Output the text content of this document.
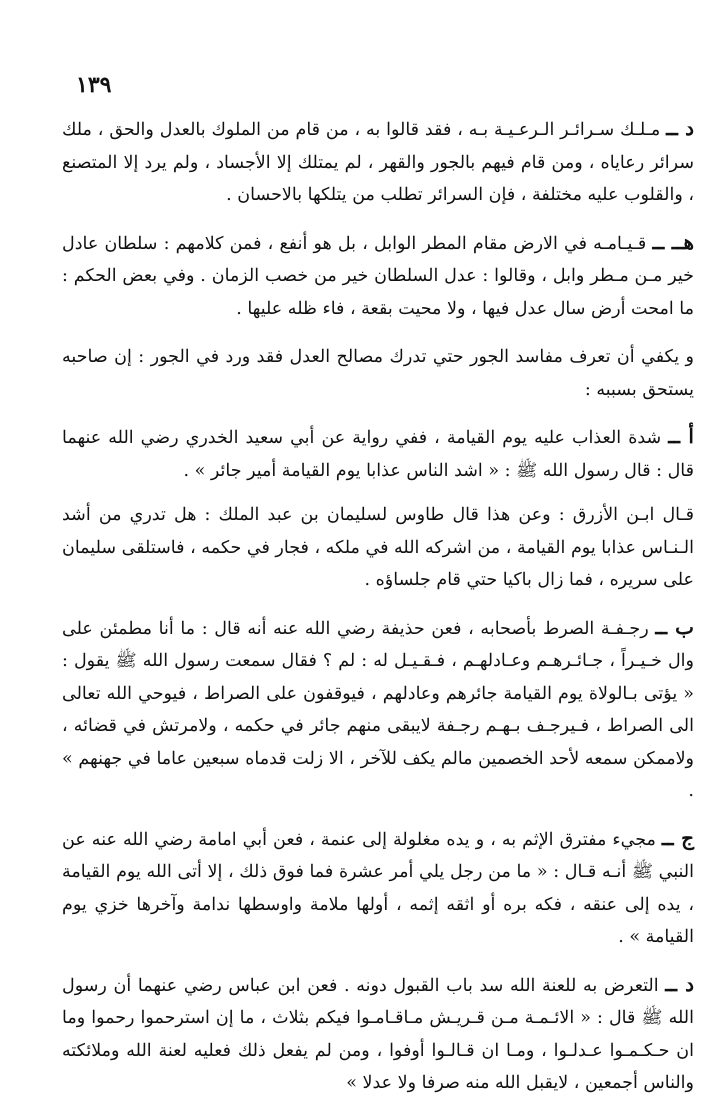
١٣٩

د ــ مـلـك سـرائـر الـرعـيـة بـه ، فقد قالوا به ، من قام من الملوك بالعدل والحق ، ملك سرائر رعاياه ، ومن قام فيهم بالجور والقهر ، لم يمتلك إلا الأجساد ، ولم يرد إلا المتصنع ، والقلوب عليه مختلفة ، فإن السرائر تطلب من يتلكها بالاحسان .

هــ ــ قـيـامـه في الارض مقام المطر الوابل ، بل هو أنفع ، فمن كلامهم : سلطان عادل خير مـن مـطر وابل ، وقالوا : عدل السلطان خير من خصب الزمان . وفي بعض الحكم : ما امحت أرض سال عدل فيها ، ولا محيت بقعة ، فاء ظله عليها .

و يكفي أن تعرف مفاسد الجور حتي تدرك مصالح العدل فقد ورد في الجور : إن صاحبه يستحق بسببه :

أ ــ شدة العذاب عليه يوم القيامة ، ففي رواية عن أبي سعيد الخدري رضي الله عنهما قال : قال رسول الله ﷺ : « اشد الناس عذابا يوم القيامة أمير جائر » .

قـال ابـن الأزرق : وعن هذا قال طاوس لسليمان بن عبد الملك : هل تدري من أشد الـنـاس عذابا يوم القيامة ، من اشركه الله في ملكه ، فجار في حكمه ، فاستلقى سليمان على سريره ، فما زال باكيا حتي قام جلساؤه .

ب ــ رجـفـة الصرط بأصحابه ، فعن حذيفة رضي الله عنه أنه قال : ما أنا مطمئن على وال خـيـراً ، جـائـرهـم وعـادلهـم ، فـقـيـل له : لم ؟ فقال سمعت رسول الله ﷺ يقول : « يؤتى بـالولاة يوم القيامة جائرهم وعادلهم ، فيوقفون على الصراط ، فيوحي الله تعالى الى الصراط ، فـيرجـف بـهـم رجـفة لايبقى منهم جائر في حكمه ، ولامرتش في قضائه ، ولاممكن سمعه لأحد الخصمين مالم يكف للآخر ، الا زلت قدماه سبعين عاما في جهنهم » .

ج ــ مجيء مفترق الإثم به ، و يده مغلولة إلى عنمة ، فعن أبي امامة رضي الله عنه عن النبي ﷺ أنـه قـال : « ما من رجل يلي أمر عشرة فما فوق ذلك ، إلا أتى الله يوم القيامة ، يده إلى عنقه ، فكه بره أو اثقه إثمه ، أولها ملامة واوسطها ندامة وآخرها خزي يوم القيامة » .

د ــ التعرض به للعنة الله سد باب القبول دونه . فعن ابن عباس رضي عنهما أن رسول الله ﷺ قال : « الائـمـة مـن قـريـش مـاقـامـوا فيكم بثلاث ، ما إن استرحموا رحموا وما ان حـكـمـوا عـدلـوا ، ومـا ان قـالـوا أوفوا ، ومن لم يفعل ذلك فعليه لعنة الله وملائكته والناس أجمعين ، لايقبل الله منه صرفا ولا عدلا »
